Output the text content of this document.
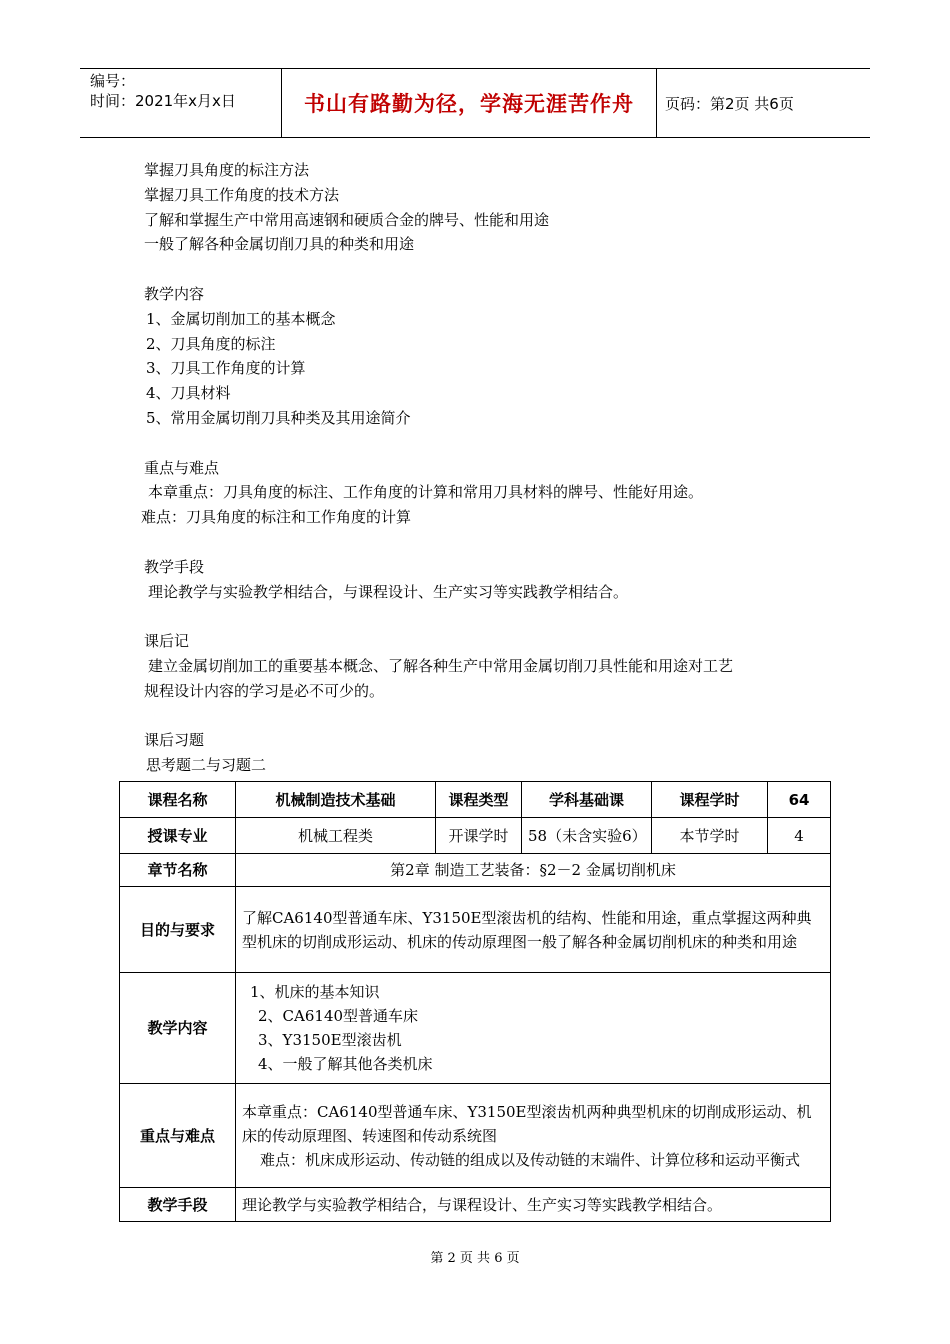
编号：
时间：2021年x月x日	书山有路勤为径，学海无涯苦作舟	页码：第2页 共6页
掌握刀具角度的标注方法
掌握刀具工作角度的技术方法
了解和掌握生产中常用高速钢和硬质合金的牌号、性能和用途
一般了解各种金属切削刀具的种类和用途
教学内容
1、金属切削加工的基本概念
2、刀具角度的标注
3、刀具工作角度的计算
4、刀具材料
5、常用金属切削刀具种类及其用途简介
重点与难点
本章重点：刀具角度的标注、工作角度的计算和常用刀具材料的牌号、性能好用途。
难点：刀具角度的标注和工作角度的计算
教学手段
理论教学与实验教学相结合，与课程设计、生产实习等实践教学相结合。
课后记
建立金属切削加工的重要基本概念、了解各种生产中常用金属切削刀具性能和用途对工艺
规程设计内容的学习是必不可少的。
课后习题
思考题二与习题二
课程名称	机械制造技术基础	课程类型	学科基础课	课程学时	64
授课专业	机械工程类	开课学时	58（未含实验6）	本节学时	4
章节名称	第2章 制造工艺装备：§2－2 金属切削机床				
目的与要求	了解CA6140型普通车床、Y3150E型滚齿机的结构、性能和用途，重点掌握这两种典型机床的切削成形运动、机床的传动原理图一般了解各种金属切削机床的种类和用途				
教学内容	1、机床的基本知识
2、CA6140型普通车床
3、Y3150E型滚齿机
4、一般了解其他各类机床				

重点与难点	本章重点：CA6140型普通车床、Y3150E型滚齿机两种典型机床的切削成形运动、机床的传动原理图、转速图和传动系统图
难点：机床成形运动、传动链的组成以及传动链的末端件、计算位移和运动平衡式				

教学手段	理论教学与实验教学相结合，与课程设计、生产实习等实践教学相结合。				
第 2 页 共 6 页
